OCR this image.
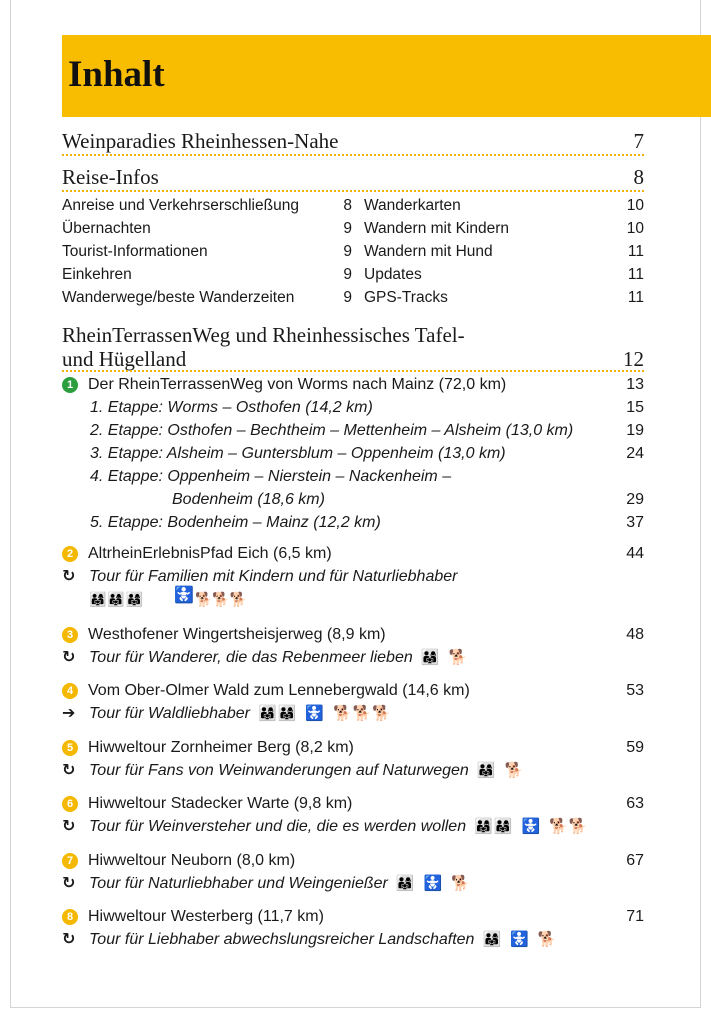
Inhalt
Weinparadies Rheinhessen-Nahe	7
Reise-Infos	8
Anreise und Verkehrserschließung	8
Übernachten	9
Tourist-Informationen	9
Einkehren	9
Wanderwege/beste Wanderzeiten	9
Wanderkarten	10
Wandern mit Kindern	10
Wandern mit Hund	11
Updates	11
GPS-Tracks	11
RheinTerrassenWeg und Rheinhessisches Tafel-
und Hügelland	12
1 Der RheinTerrassenWeg von Worms nach Mainz (72,0 km)	13
1. Etappe: Worms – Osthofen (14,2 km)	15
2. Etappe: Osthofen – Bechtheim – Mettenheim – Alsheim (13,0 km)	19
3. Etappe: Alsheim – Guntersblum – Oppenheim (13,0 km)	24
4. Etappe: Oppenheim – Nierstein – Nackenheim –
Bodenheim (18,6 km)	29
5. Etappe: Bodenheim – Mainz (12,2 km)	37
2 AltrheinErlebnisPfad Eich (6,5 km)	44
↻ Tour für Familien mit Kindern und für Naturliebhaber
👨‍👩‍👧👨‍👩‍👧👨‍👩‍👧 🚼 🐕🐕🐕
3 Westhofener Wingertsheisjerweg (8,9 km)	48
↻ Tour für Wanderer, die das Rebenmeer lieben 👨‍👩‍👧 🐕
4 Vom Ober-Olmer Wald zum Lennebergwald (14,6 km)	53
➔ Tour für Waldliebhaber 👨‍👩‍👧👨‍👩‍👧 🚼 🐕🐕🐕
5 Hiwweltour Zornheimer Berg (8,2 km)	59
↻ Tour für Fans von Weinwanderungen auf Naturwegen 👨‍👩‍👧 🐕
6 Hiwweltour Stadecker Warte (9,8 km)	63
↻ Tour für Weinversteher und die, die es werden wollen 👨‍👩‍👧👨‍👩‍👧 🚼 🐕🐕
7 Hiwweltour Neuborn (8,0 km)	67
↻ Tour für Naturliebhaber und Weingenießer 👨‍👩‍👧 🚼 🐕
8 Hiwweltour Westerberg (11,7 km)	71
↻ Tour für Liebhaber abwechslungsreicher Landschaften 👨‍👩‍👧 🚼 🐕
